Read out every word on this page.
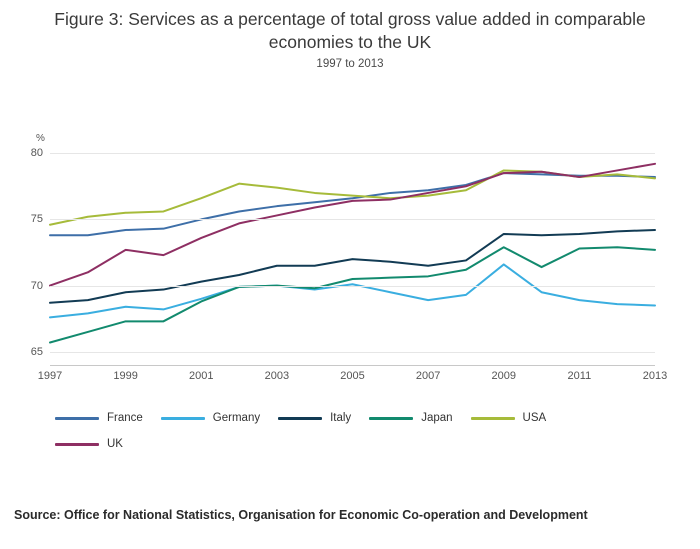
Figure 3: Services as a percentage of total gross value added in comparable economies to the UK
1997 to 2013
%
65
70
75
80
1997	1999	2001	2003	2005	2007	2009	2011	2013
France	Germany	Italy	Japan	USA
UK
Source: Office for National Statistics, Organisation for Economic Co-operation and Development
